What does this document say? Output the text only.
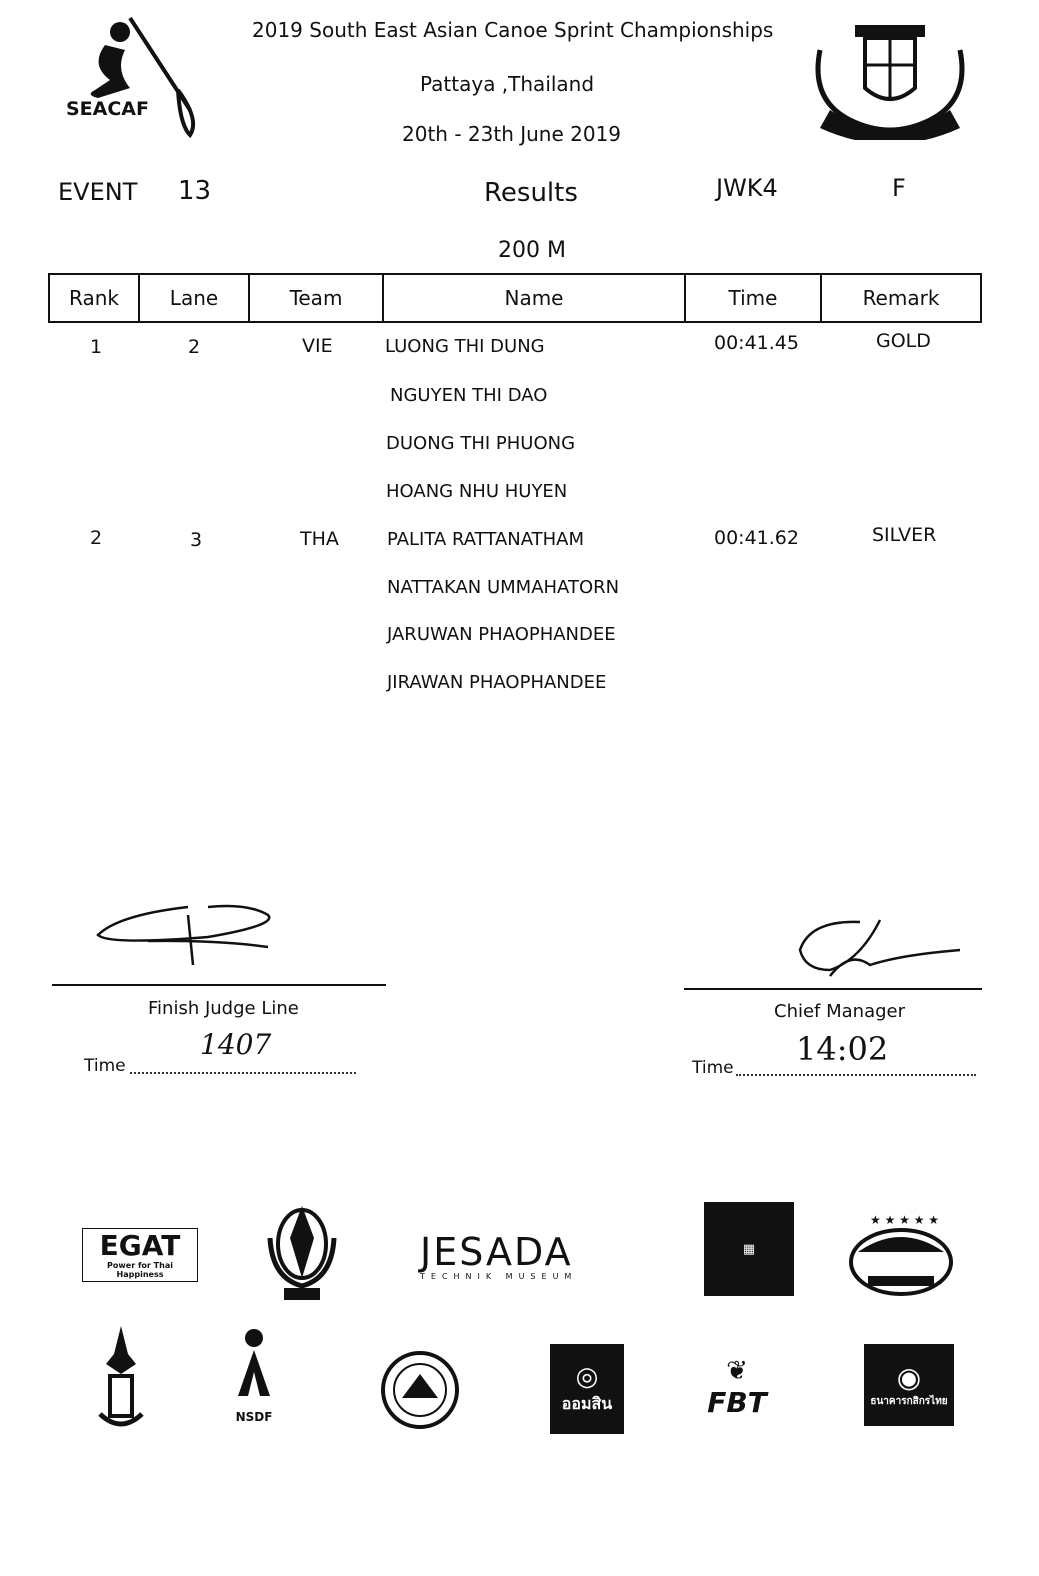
SEACAF
2019 South East Asian Canoe Sprint Championships
Pattaya ,Thailand
20th - 23th June 2019
EVENT 13	Results	JWK4	F
200 M
Rank	Lane	Team	Name	Time	Remark
1	2	VIE	LUONG THI DUNG
NGUYEN THI DAO
DUONG THI PHUONG
HOANG NHU HUYEN
00:41.45	GOLD
2	3	THA	PALITA RATTANATHAM
NATTAKAN UMMAHATORN
JARUWAN PHAOPHANDEE
JIRAWAN PHAOPHANDEE
00:41.62	SILVER
Finish Judge Line
Time
1407
Chief Manager
Time 14:02
EGAT
Power for Thai Happiness
JESADA
TECHNIK MUSEUM
▦
★ ★ ★ ★ ★
NSDF
◎
ออมสิน
❦
FBT
◉
ธนาคารกสิกรไทย
